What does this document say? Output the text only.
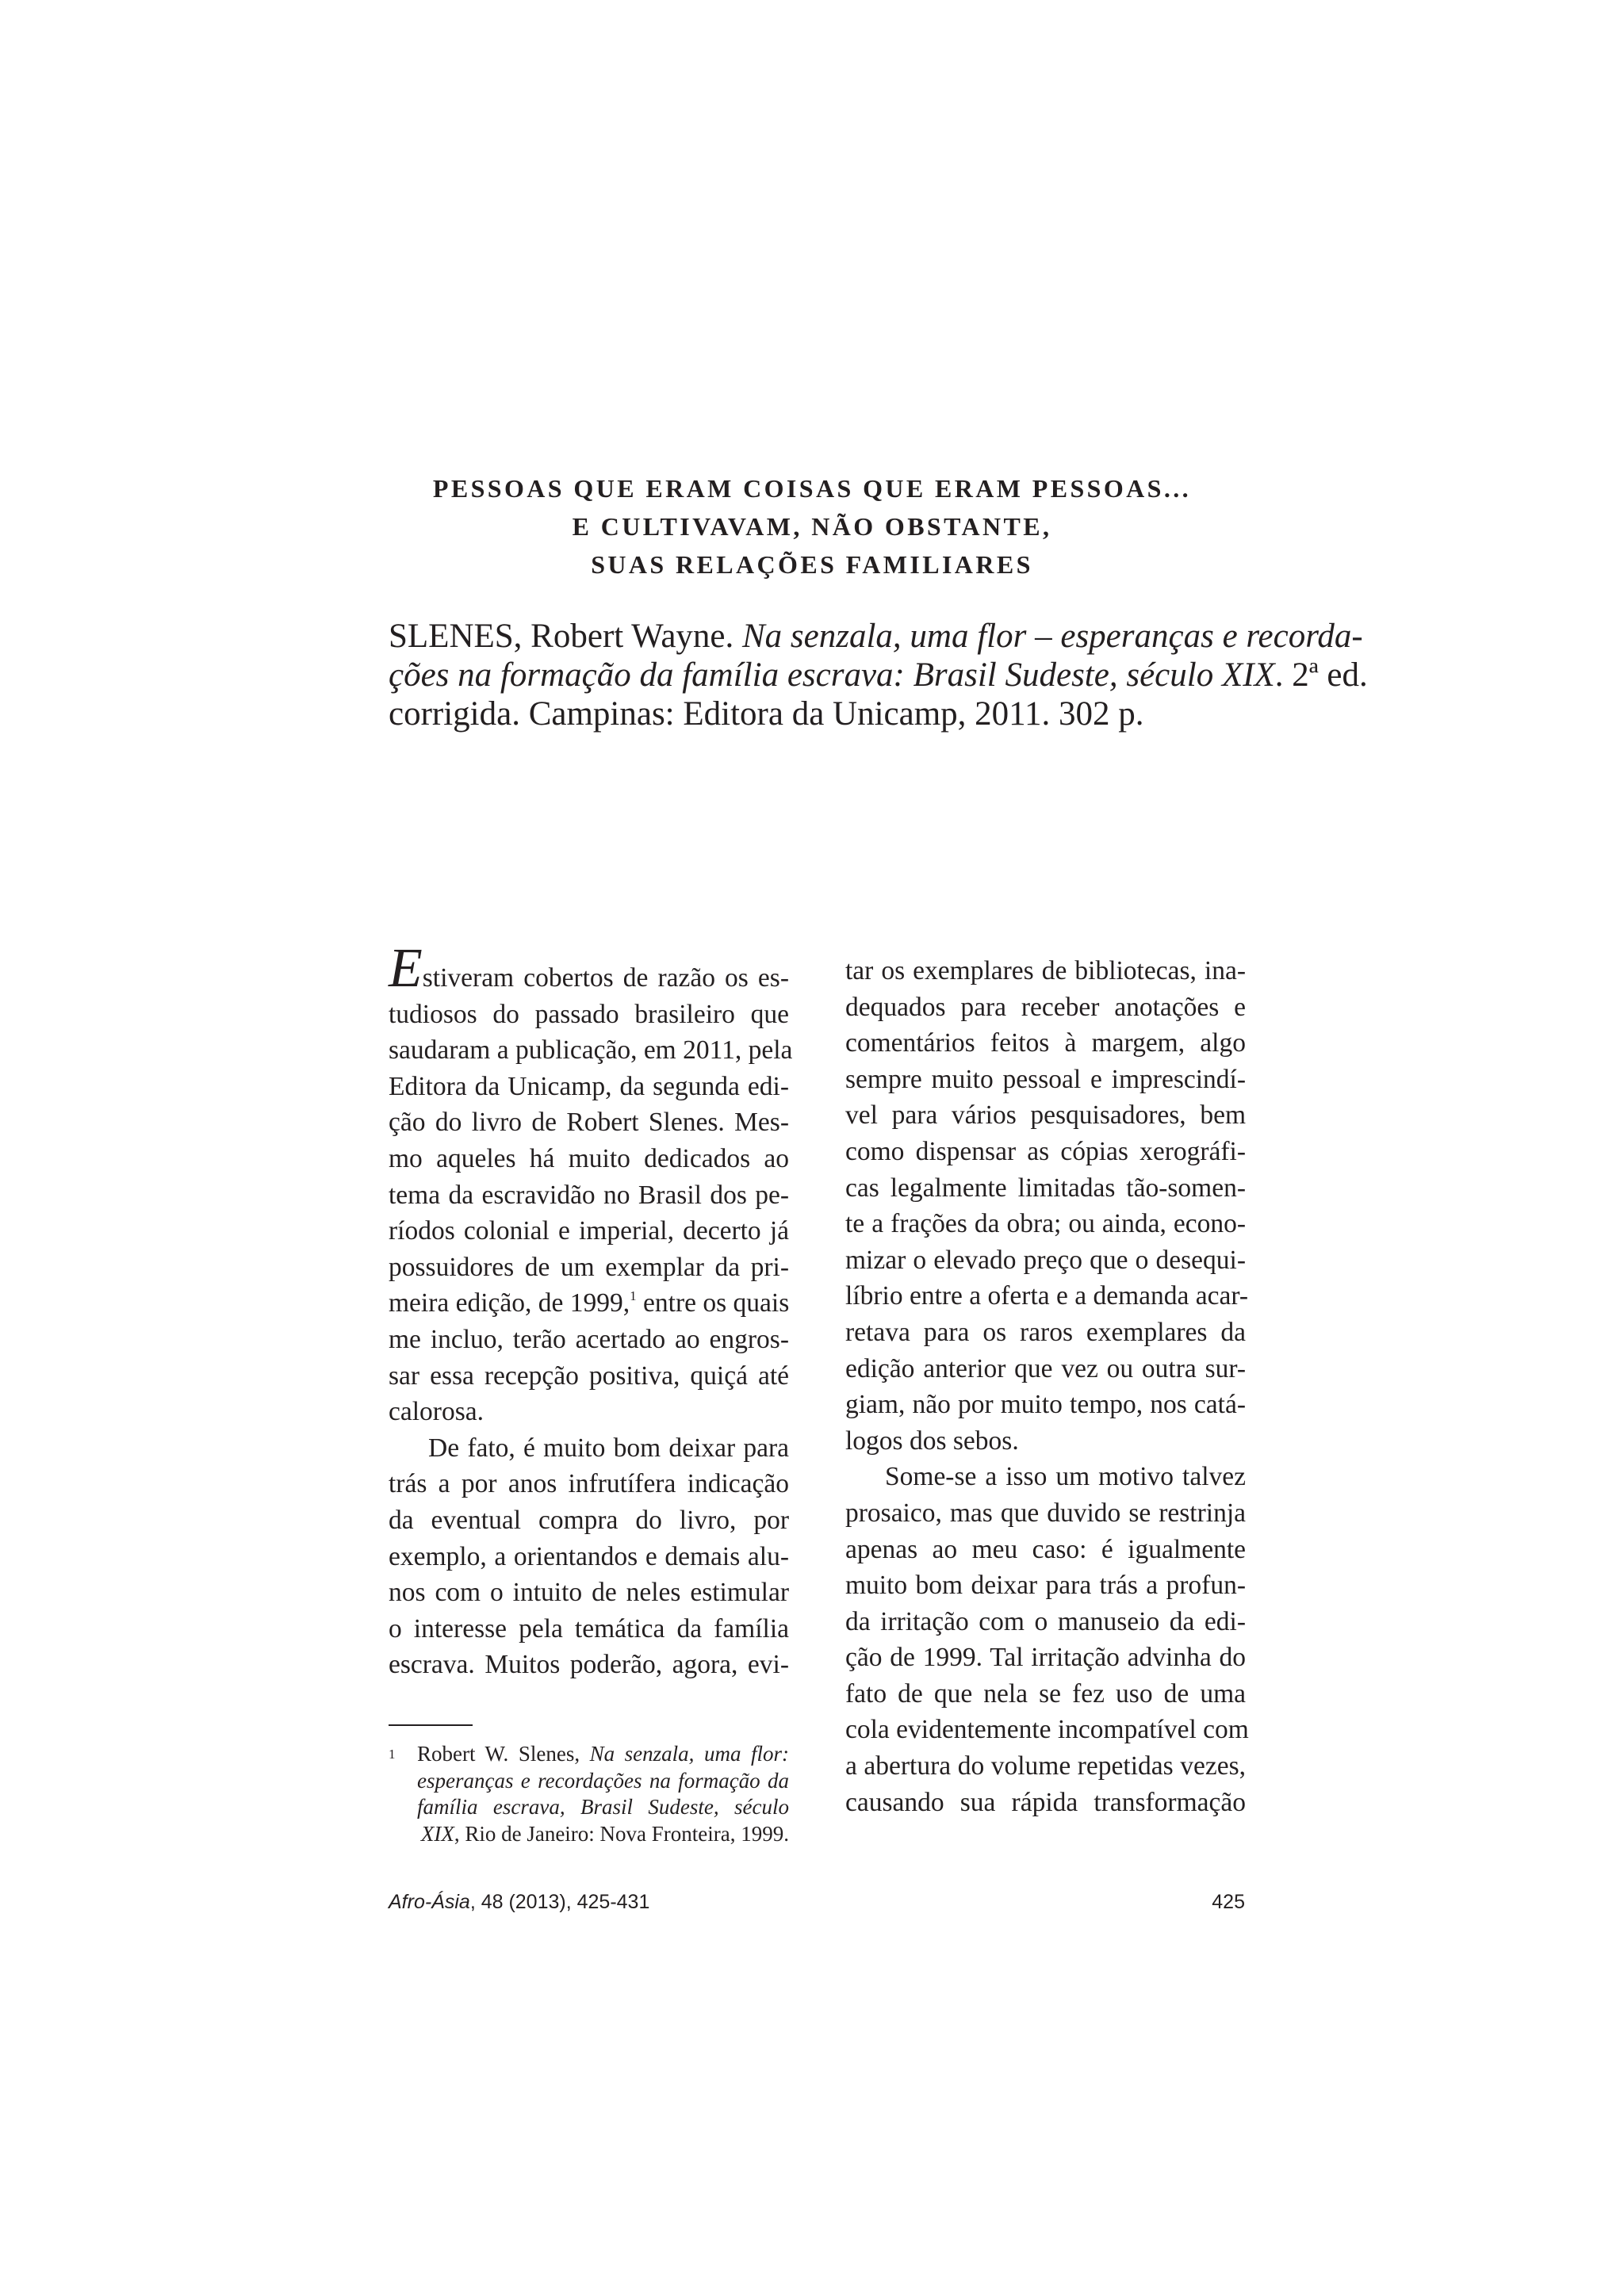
PESSOAS QUE ERAM COISAS QUE ERAM PESSOAS...
E CULTIVAVAM, NÃO OBSTANTE,
SUAS RELAÇÕES FAMILIARES
SLENES, Robert Wayne. Na senzala, uma flor – esperanças e recorda-
ções na formação da família escrava: Brasil Sudeste, século XIX. 2ª ed.
corrigida. Campinas: Editora da Unicamp, 2011. 302 p.

Estiveram cobertos de razão os es-
tudiosos do passado brasileiro que
saudaram a publicação, em 2011, pela
Editora da Unicamp, da segunda edi-
ção do livro de Robert Slenes. Mes-
mo aqueles há muito dedicados ao
tema da escravidão no Brasil dos pe-
ríodos colonial e imperial, decerto já
possuidores de um exemplar da pri-
meira edição, de 1999,$^1$ entre os quais
me incluo, terão acertado ao engros-
sar essa recepção positiva, quiçá até
calorosa.

De fato, é muito bom deixar para
trás a por anos infrutífera indicação
da eventual compra do livro, por
exemplo, a orientandos e demais alu-
nos com o intuito de neles estimular
o interesse pela temática da família
escrava. Muitos poderão, agora, evi-

tar os exemplares de bibliotecas, ina-
dequados para receber anotações e
comentários feitos à margem, algo
sempre muito pessoal e imprescindí-
vel para vários pesquisadores, bem
como dispensar as cópias xerográfi-
cas legalmente limitadas tão-somen-
te a frações da obra; ou ainda, econo-
mizar o elevado preço que o desequi-
líbrio entre a oferta e a demanda acar-
retava para os raros exemplares da
edição anterior que vez ou outra sur-
giam, não por muito tempo, nos catá-
logos dos sebos.

Some-se a isso um motivo talvez
prosaico, mas que duvido se restrinja
apenas ao meu caso: é igualmente
muito bom deixar para trás a profun-
da irritação com o manuseio da edi-
ção de 1999. Tal irritação advinha do
fato de que nela se fez uso de uma
cola evidentemente incompatível com
a abertura do volume repetidas vezes,
causando sua rápida transformação

1 Robert W. Slenes, Na senzala, uma flor:
esperanças e recordações na formação da
família escrava, Brasil Sudeste, século
XIX, Rio de Janeiro: Nova Fronteira, 1999.
Afro-Ásia, 48 (2013), 425-431	425
